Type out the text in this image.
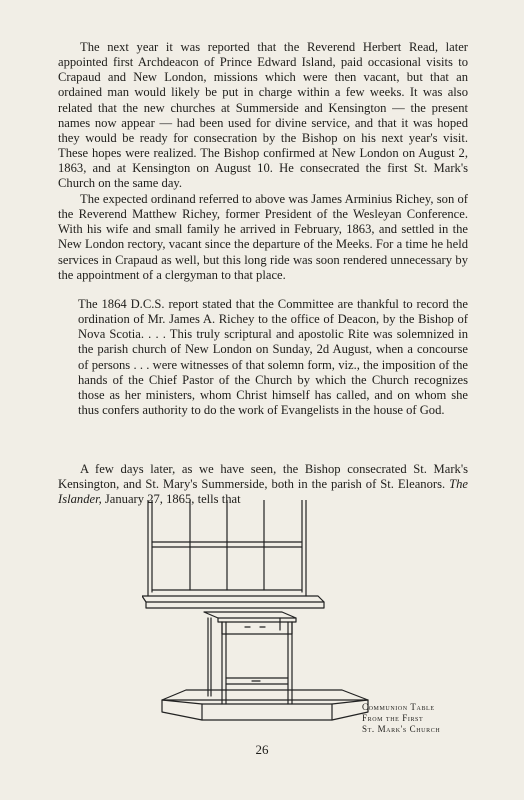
The next year it was reported that the Reverend Herbert Read, later appointed first Archdeacon of Prince Edward Island, paid occasional visits to Crapaud and New London, missions which were then vacant, but that an ordained man would likely be put in charge within a few weeks. It was also related that the new churches at Summerside and Kensington — the present names now appear — had been used for divine service, and that it was hoped they would be ready for consecration by the Bishop on his next year's visit. These hopes were realized. The Bishop confirmed at New London on August 2, 1863, and at Kensington on August 10. He consecrated the first St. Mark's Church on the same day.

The expected ordinand referred to above was James Arminius Richey, son of the Reverend Matthew Richey, former President of the Wesleyan Conference. With his wife and small family he arrived in February, 1863, and settled in the New London rectory, vacant since the departure of the Meeks. For a time he held services in Crapaud as well, but this long ride was soon rendered unnecessary by the appointment of a clergyman to that place.

The 1864 D.C.S. report stated that the Committee are thankful to record the ordination of Mr. James A. Richey to the office of Deacon, by the Bishop of Nova Scotia. . . . This truly scriptural and apostolic Rite was solemnized in the parish church of New London on Sunday, 2d August, when a concourse of persons . . . were witnesses of that solemn form, viz., the imposition of the hands of the Chief Pastor of the Church by which the Church recognizes those as her ministers, whom Christ himself has called, and on whom she thus confers authority to do the work of Evangelists in the house of God.

A few days later, as we have seen, the Bishop consecrated St. Mark's Kensington, and St. Mary's Summerside, both in the parish of St. Eleanors. The Islander, January 27, 1865, tells that

Communion Table
From the First
St. Mark's Church
26
